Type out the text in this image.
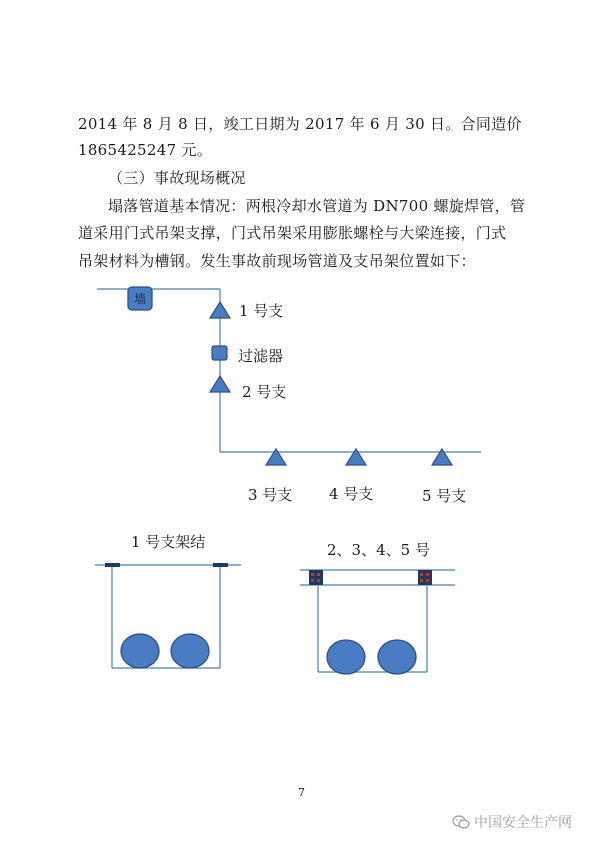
2014 年 8 月 8 日，竣工日期为 2017 年 6 月 30 日。合同造价
1865425247 元。
（三）事故现场概况
塌落管道基本情况：两根冷却水管道为 DN700 螺旋焊管，管
道采用门式吊架支撑，门式吊架采用膨胀螺栓与大梁连接，门式
吊架材料为槽钢。发生事故前现场管道及支吊架位置如下：
墙
1 号支
过滤器
2 号支
3 号支 4 号支	5 号支
1 号支架结	2、3、4、5 号
7
中国安全生产网
